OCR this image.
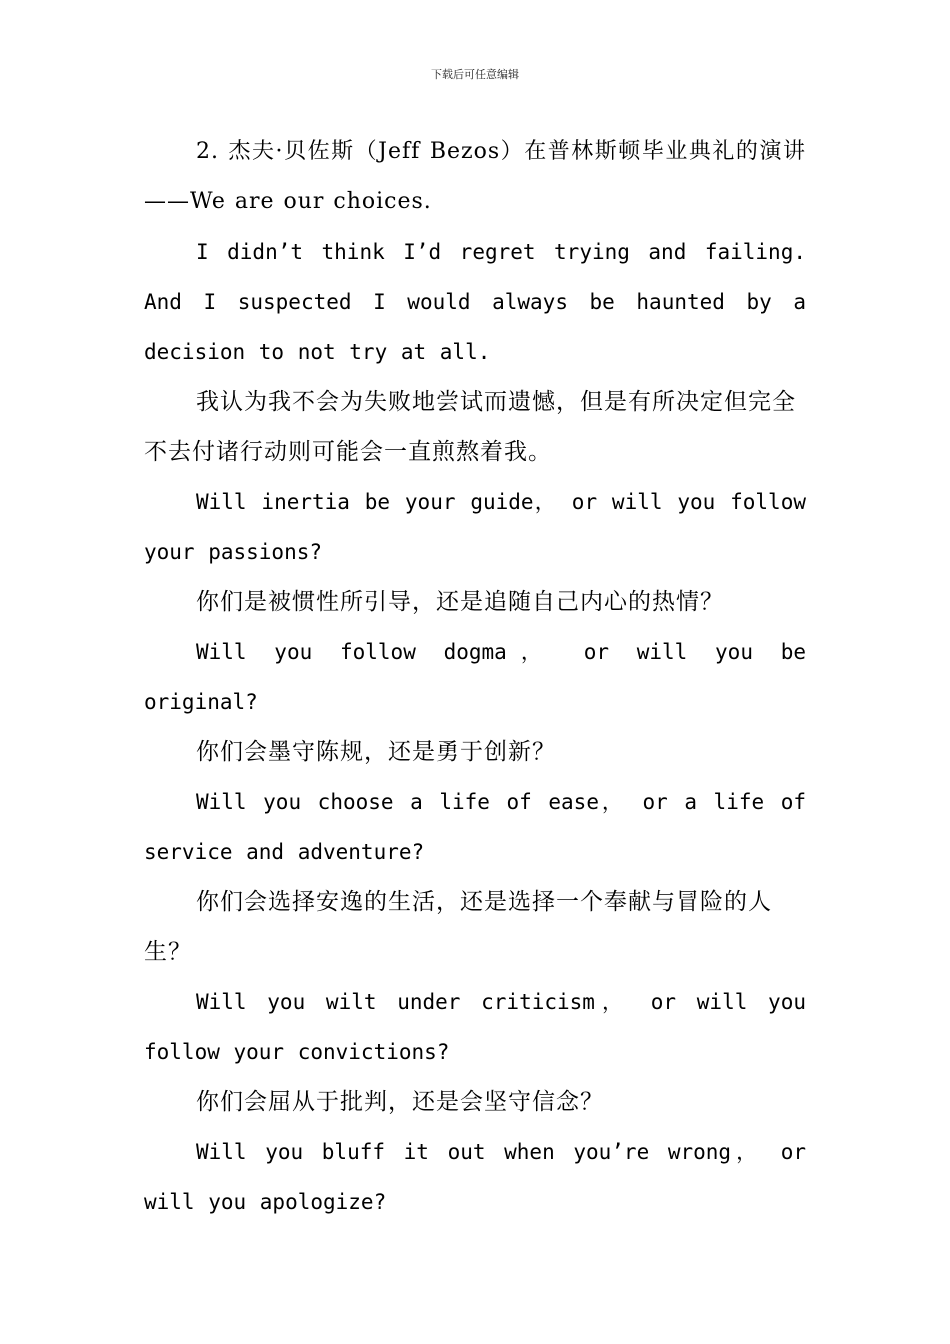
下载后可任意编辑

2. 杰夫·贝佐斯（Jeff Bezos）在普林斯顿毕业典礼的演讲——We are our choices.

I didn’t think I’d regret trying and failing. And I suspected I would always be haunted by a decision to not try at all.

我认为我不会为失败地尝试而遗憾，但是有所决定但完全不去付诸行动则可能会一直煎熬着我。

Will inertia be your guide， or will you follow your passions?

你们是被惯性所引导，还是追随自己内心的热情？

Will you follow dogma， or will you be original?

你们会墨守陈规，还是勇于创新？

Will you choose a life of ease， or a life of service and adventure?

你们会选择安逸的生活，还是选择一个奉献与冒险的人生？

Will you wilt under criticism， or will you follow your convictions?

你们会屈从于批判，还是会坚守信念？

Will you bluff it out when you’re wrong， or will you apologize?
